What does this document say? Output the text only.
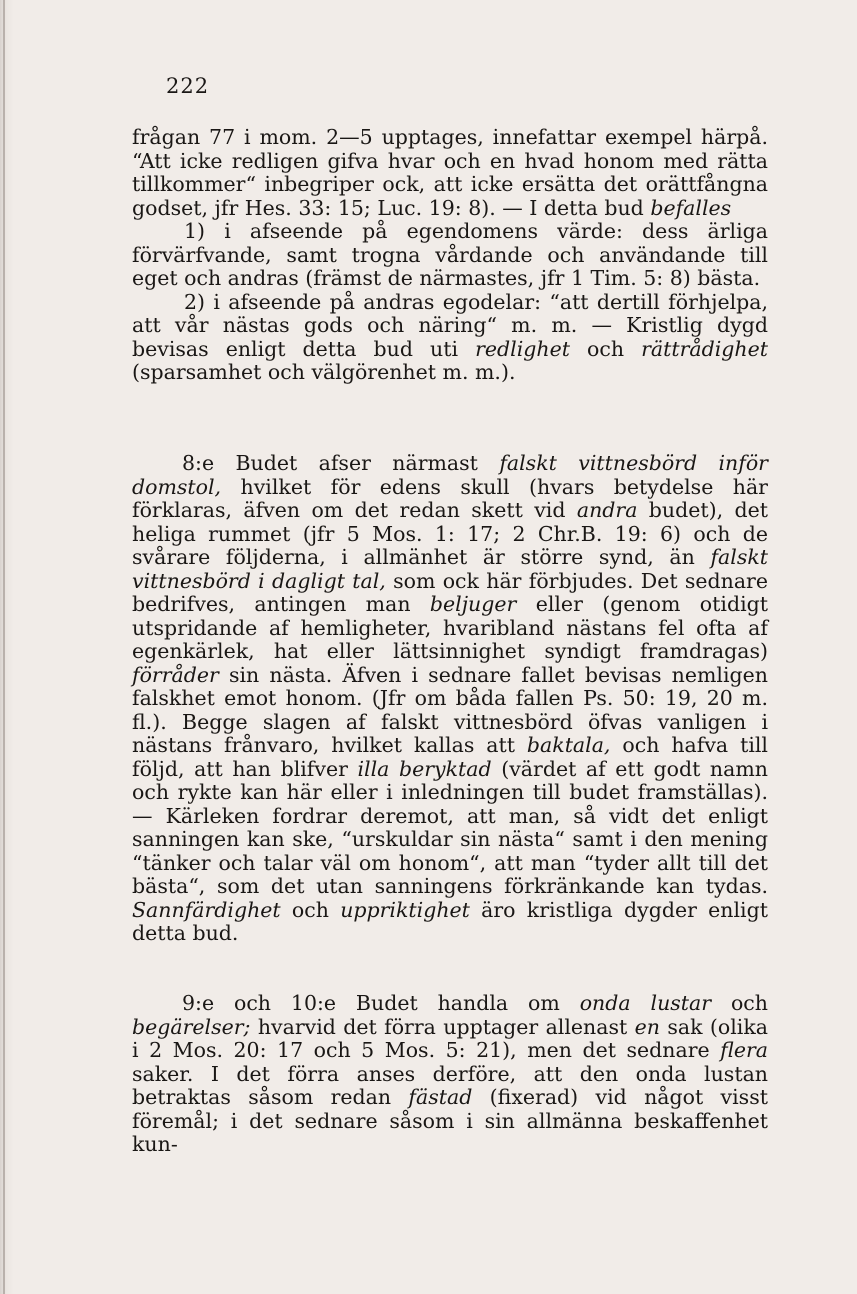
222

frågan 77 i mom. 2—5 upptages, innefattar exempel härpå. “Att icke redligen gifva hvar och en hvad honom med rätta tillkommer“ inbegriper ock, att icke ersätta det orättfångna godset, jfr Hes. 33: 15; Luc. 19: 8). — I detta bud befalles

1) i afseende på egendomens värde: dess ärliga förvärfvande, samt trogna vårdande och användande till eget och andras (främst de närmastes, jfr 1 Tim. 5: 8) bästa.

2) i afseende på andras egodelar: “att dertill förhjelpa, att vår nästas gods och näring“ m. m. — Kristlig dygd bevisas enligt detta bud uti redlighet och rättrådighet (sparsamhet och välgörenhet m. m.).

8:e Budet afser närmast falskt vittnesbörd inför domstol, hvilket för edens skull (hvars betydelse här förklaras, äfven om det redan skett vid andra budet), det heliga rummet (jfr 5 Mos. 1: 17; 2 Chr.B. 19: 6) och de svårare följderna, i allmänhet är större synd, än falskt vittnesbörd i dagligt tal, som ock här förbjudes. Det sednare bedrifves, antingen man beljuger eller (genom otidigt utspridande af hemligheter, hvaribland nästans fel ofta af egenkärlek, hat eller lättsinnighet syndigt framdragas) förråder sin nästa. Äfven i sednare fallet bevisas nemligen falskhet emot honom. (Jfr om båda fallen Ps. 50: 19, 20 m. fl.). Begge slagen af falskt vittnesbörd öfvas vanligen i nästans frånvaro, hvilket kallas att baktala, och hafva till följd, att han blifver illa beryktad (värdet af ett godt namn och rykte kan här eller i inledningen till budet framställas). — Kärleken fordrar deremot, att man, så vidt det enligt sanningen kan ske, “urskuldar sin nästa“ samt i den mening “tänker och talar väl om honom“, att man “tyder allt till det bästa“, som det utan sanningens förkränkande kan tydas. Sannfärdighet och uppriktighet äro kristliga dygder enligt detta bud.

9:e och 10:e Budet handla om onda lustar och begärelser; hvarvid det förra upptager allenast en sak (olika i 2 Mos. 20: 17 och 5 Mos. 5: 21), men det sednare flera saker. I det förra anses derföre, att den onda lustan betraktas såsom redan fästad (fixerad) vid något visst föremål; i det sednare såsom i sin allmänna beskaffenhet kun-
